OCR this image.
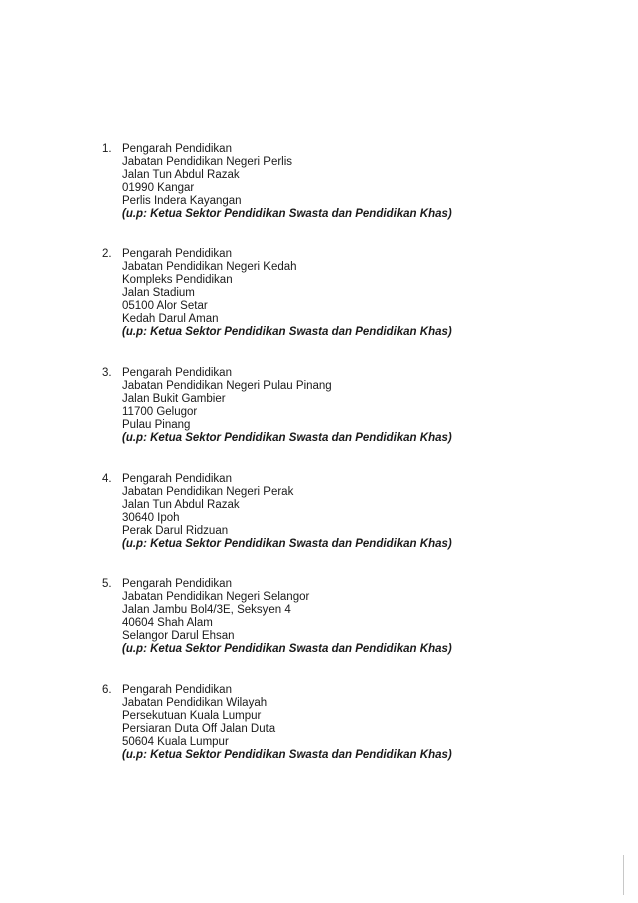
1. Pengarah Pendidikan
Jabatan Pendidikan Negeri Perlis
Jalan Tun Abdul Razak
01990 Kangar
Perlis Indera Kayangan
(u.p: Ketua Sektor Pendidikan Swasta dan Pendidikan Khas)
2. Pengarah Pendidikan
Jabatan Pendidikan Negeri Kedah
Kompleks Pendidikan
Jalan Stadium
05100 Alor Setar
Kedah Darul Aman
(u.p: Ketua Sektor Pendidikan Swasta dan Pendidikan Khas)
3. Pengarah Pendidikan
Jabatan Pendidikan Negeri Pulau Pinang
Jalan Bukit Gambier
11700 Gelugor
Pulau Pinang
(u.p: Ketua Sektor Pendidikan Swasta dan Pendidikan Khas)
4. Pengarah Pendidikan
Jabatan Pendidikan Negeri Perak
Jalan Tun Abdul Razak
30640 Ipoh
Perak Darul Ridzuan
(u.p: Ketua Sektor Pendidikan Swasta dan Pendidikan Khas)
5. Pengarah Pendidikan
Jabatan Pendidikan Negeri Selangor
Jalan Jambu Bol4/3E, Seksyen 4
40604 Shah Alam
Selangor Darul Ehsan
(u.p: Ketua Sektor Pendidikan Swasta dan Pendidikan Khas)
6. Pengarah Pendidikan
Jabatan Pendidikan Wilayah
Persekutuan Kuala Lumpur
Persiaran Duta Off Jalan Duta
50604 Kuala Lumpur
(u.p: Ketua Sektor Pendidikan Swasta dan Pendidikan Khas)
